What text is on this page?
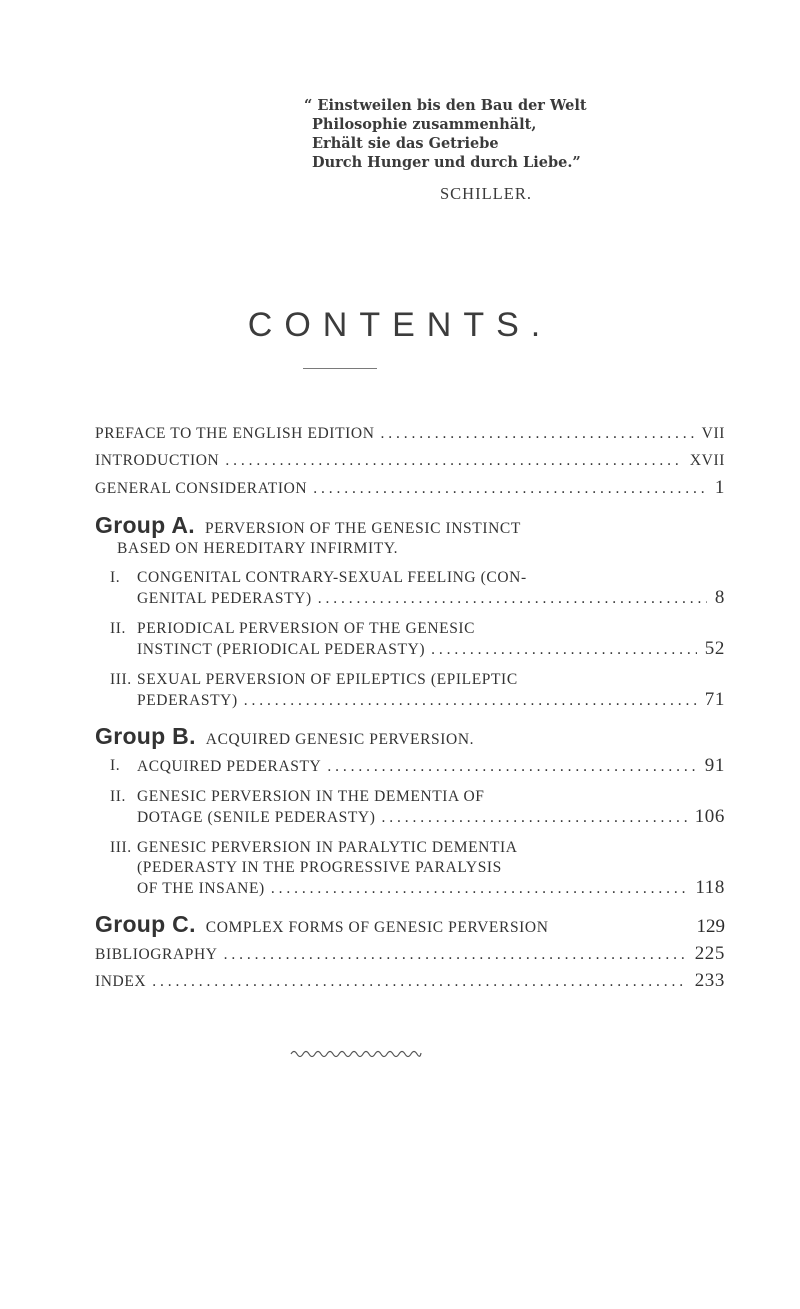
“ Einstweilen bis den Bau der Welt
Philosophie zusammenhält,
Erhält sie das Getriebe
Durch Hunger und durch Liebe.”
SCHILLER.
CONTENTS.
PREFACE TO THE ENGLISH EDITION . . .	VII
INTRODUCTION . . .	XVII
GENERAL CONSIDERATION . . .	1
Group A. PERVERSION OF THE GENESIC INSTINCT
BASED ON HEREDITARY INFIRMITY.
I.	CONGENITAL CONTRARY-SEXUAL FEELING (CON-
GENITAL PEDERASTY) . . .	8
II. PERIODICAL PERVERSION OF THE GENESIC
INSTINCT (PERIODICAL PEDERASTY) . . .	52
III. SEXUAL PERVERSION OF EPILEPTICS (EPILEPTIC
PEDERASTY) . . .	71
Group B. ACQUIRED GENESIC PERVERSION.
I.	ACQUIRED PEDERASTY . . .	91
II. GENESIC PERVERSION IN THE DEMENTIA OF
DOTAGE (SENILE PEDERASTY) . . .	106
III. GENESIC PERVERSION IN PARALYTIC DEMENTIA
(PEDERASTY IN THE PROGRESSIVE PARALYSIS
OF THE INSANE) . . .	118
Group C. COMPLEX FORMS OF GENESIC PERVERSION	129
BIBLIOGRAPHY . . .	225
INDEX . . .	233
